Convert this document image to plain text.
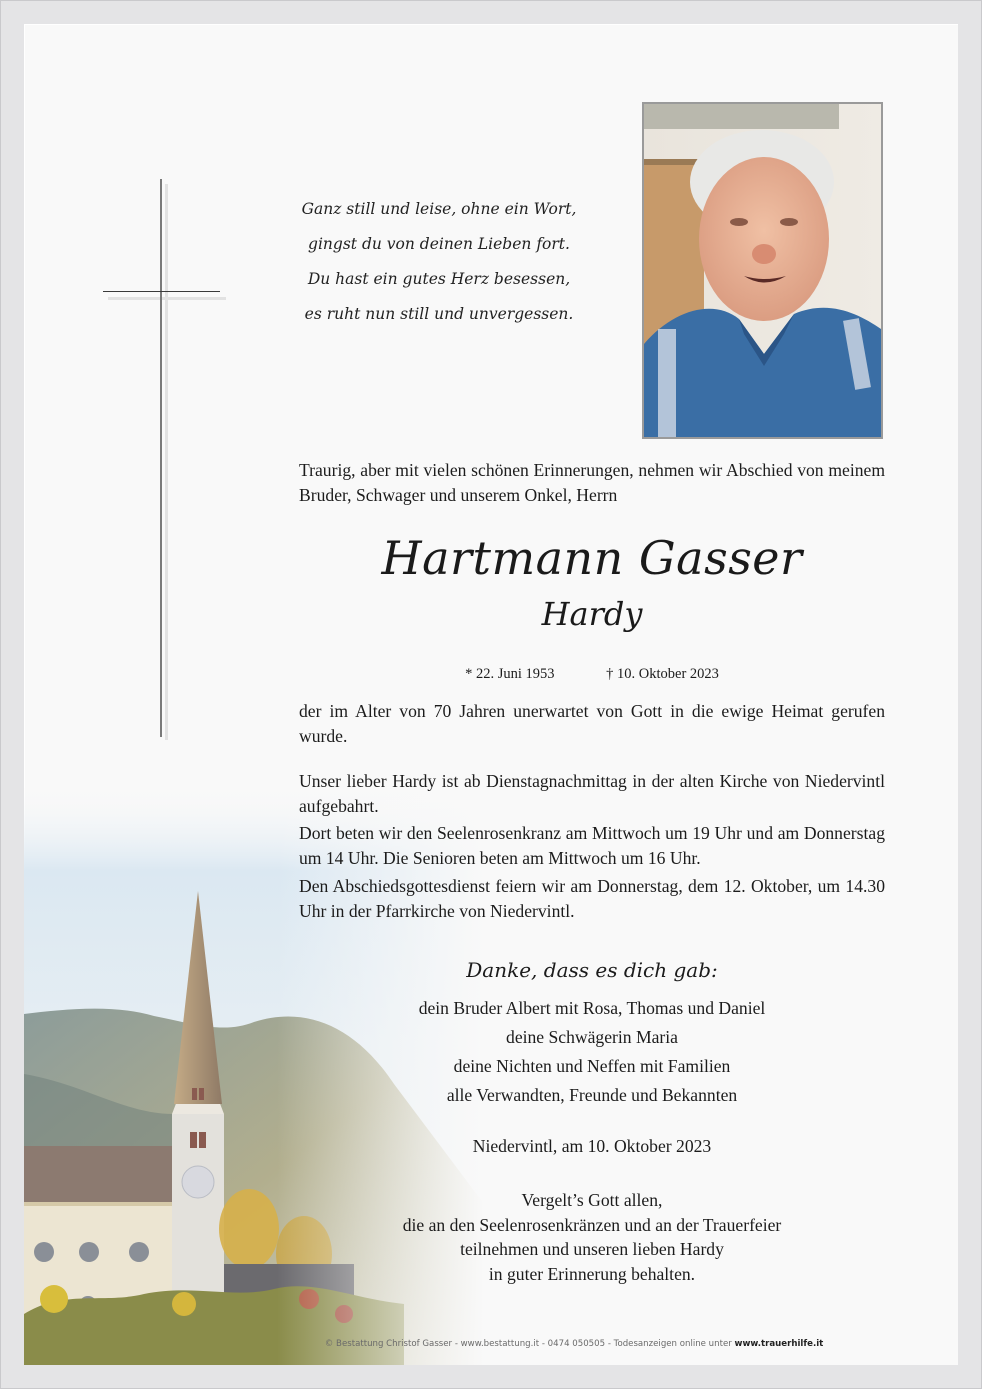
Ganz still und leise, ohne ein Wort,
gingst du von deinen Lieben fort.
Du hast ein gutes Herz besessen,
es ruht nun still und unvergessen.
Traurig, aber mit vielen schönen Erinnerungen, nehmen wir Abschied von meinem Bruder, Schwager und unserem Onkel, Herrn
Hartmann Gasser
Hardy
* 22. Juni 1953	† 10. Oktober 2023
der im Alter von 70 Jahren unerwartet von Gott in die ewige Heimat gerufen wurde.
Unser lieber Hardy ist ab Dienstagnachmittag in der alten Kirche von Niedervintl aufgebahrt.
Dort beten wir den Seelenrosenkranz am Mittwoch um 19 Uhr und am Donnerstag um 14 Uhr. Die Senioren beten am Mittwoch um 16 Uhr.
Den Abschiedsgottesdienst feiern wir am Donnerstag, dem 12. Oktober, um 14.30 Uhr in der Pfarrkirche von Niedervintl.
Danke, dass es dich gab:
dein Bruder Albert mit Rosa, Thomas und Daniel
deine Schwägerin Maria
deine Nichten und Neffen mit Familien
alle Verwandten, Freunde und Bekannten
Niedervintl, am 10. Oktober 2023
Vergelt’s Gott allen,
die an den Seelenrosenkränzen und an der Trauerfeier
teilnehmen und unseren lieben Hardy
in guter Erinnerung behalten.
© Bestattung Christof Gasser - www.bestattung.it - 0474 050505 - Todesanzeigen online unter www.trauerhilfe.it
